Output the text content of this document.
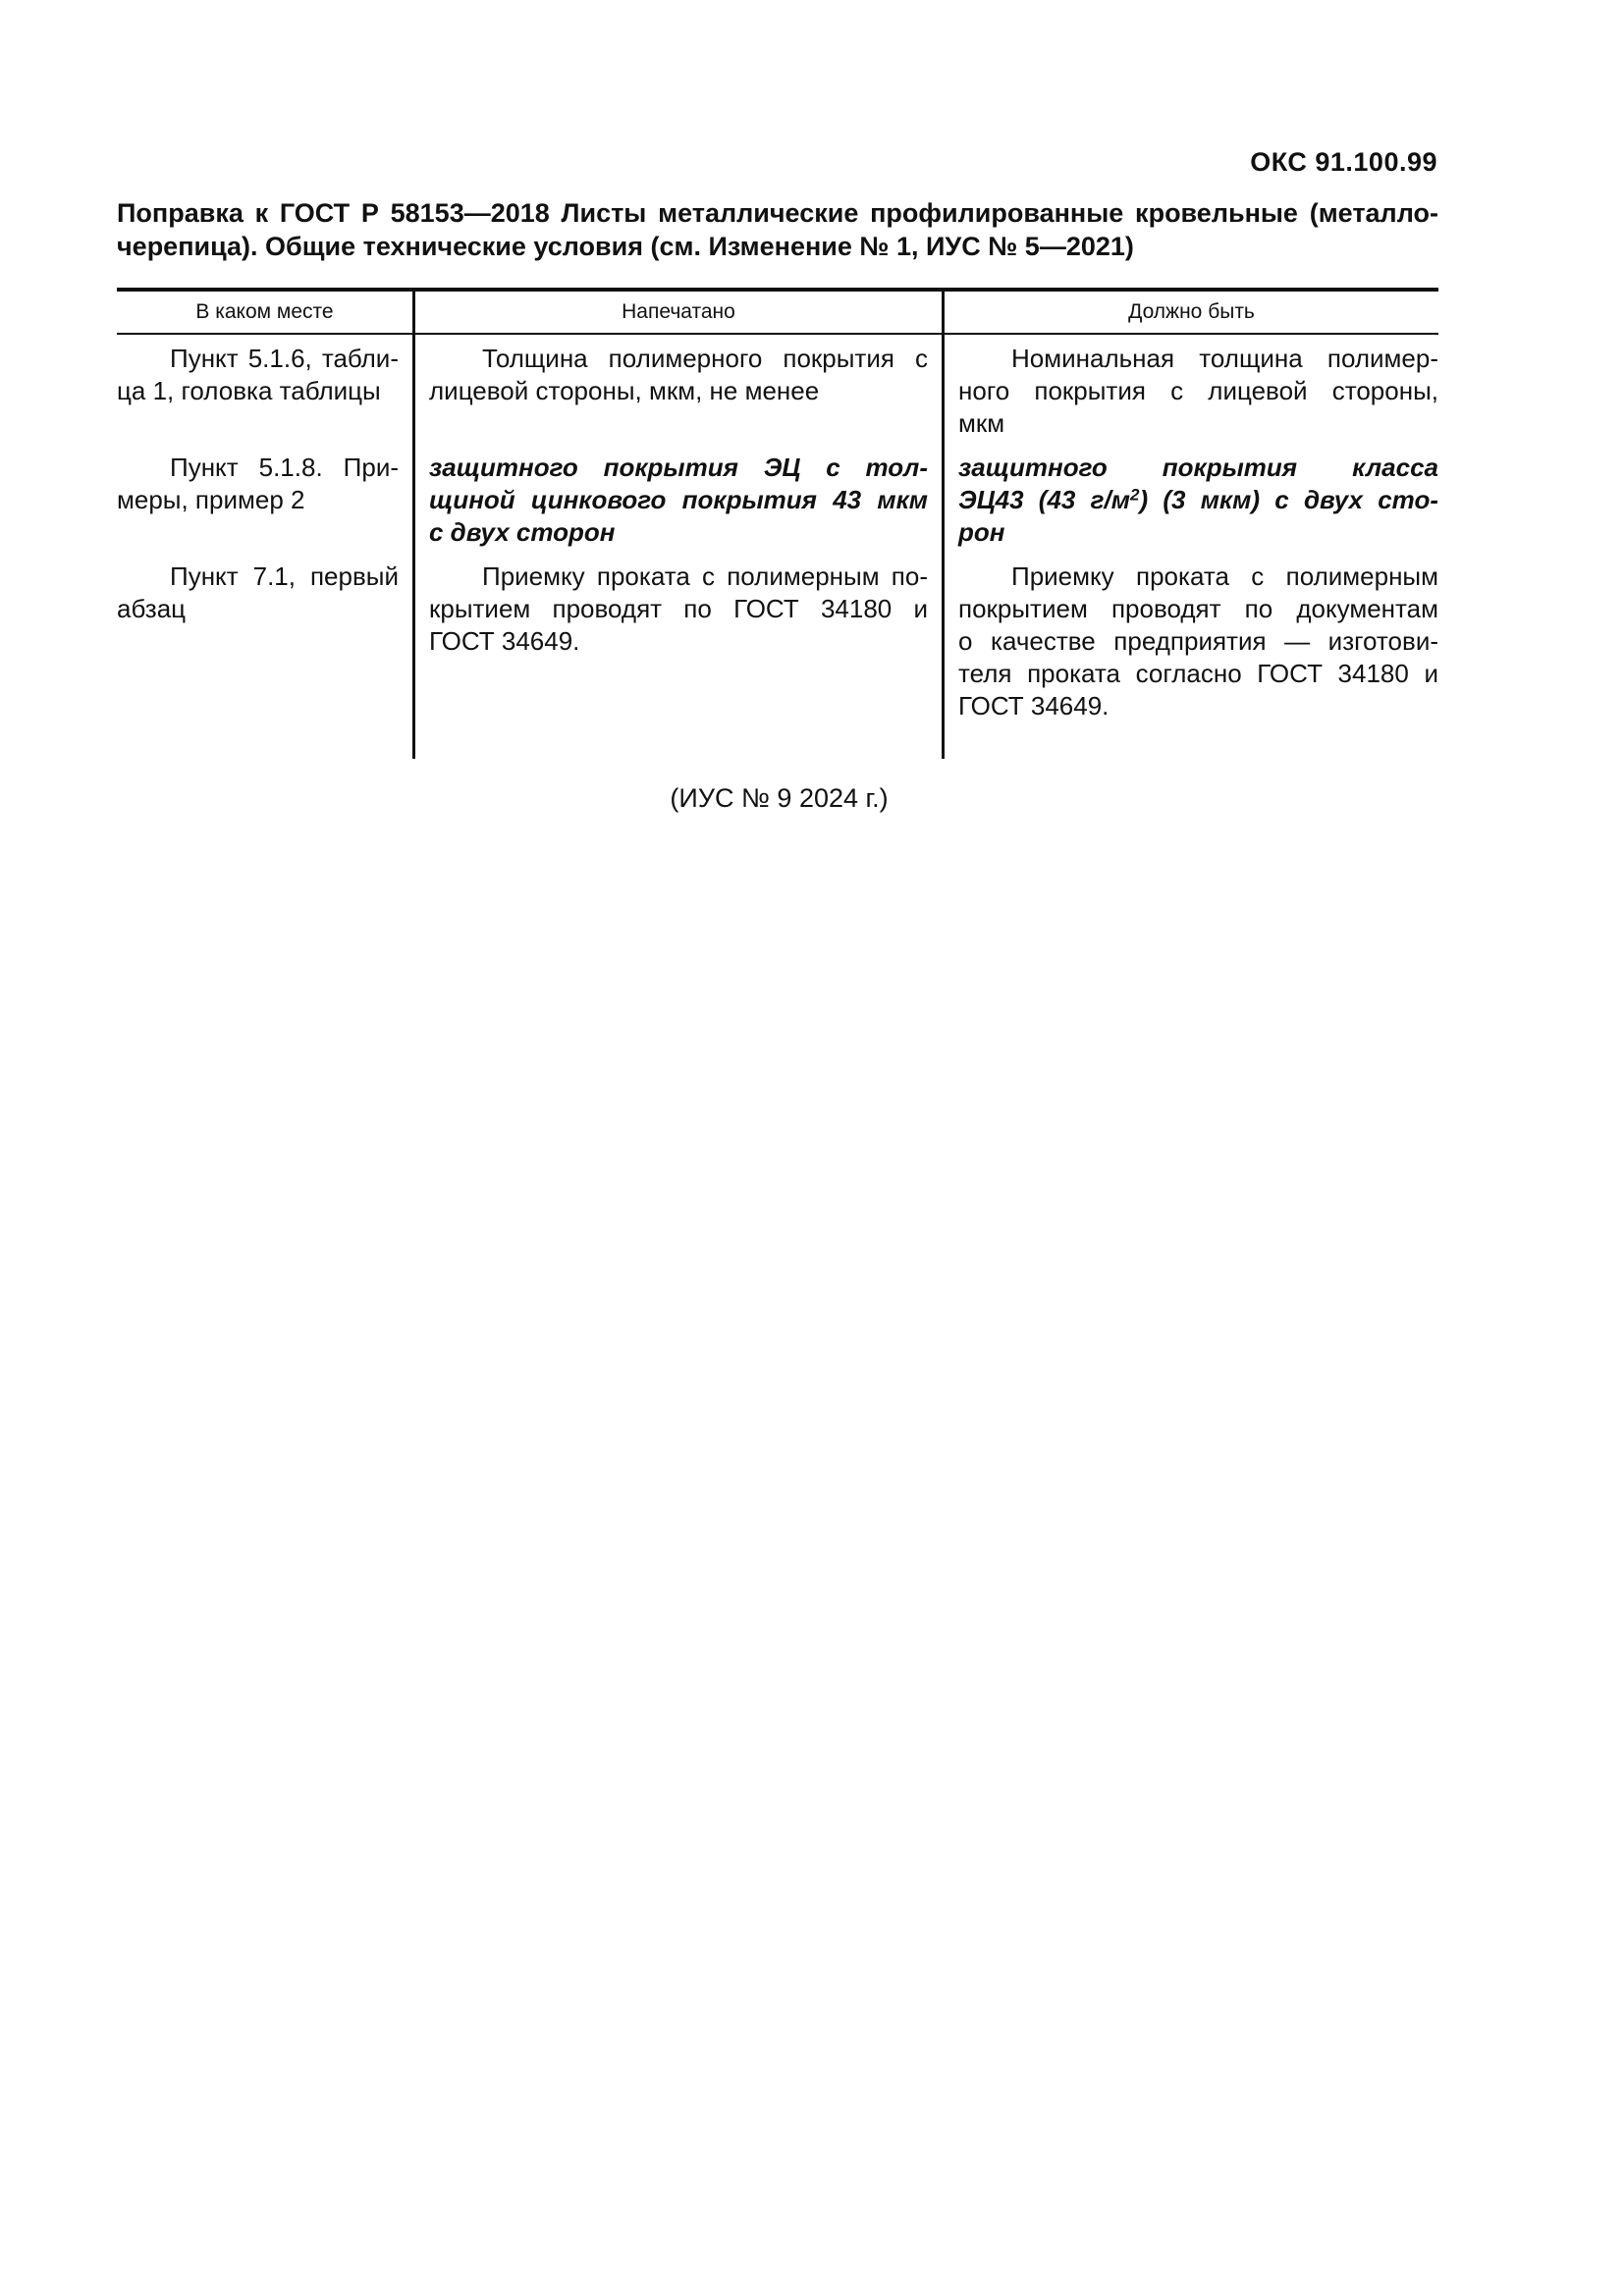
ОКС 91.100.99
Поправка к ГОСТ Р 58153—2018 Листы металлические профилированные кровельные (металло-
черепица). Общие технические условия (см. Изменение № 1, ИУС № 5—2021)
В каком месте	Напечатано	Должно быть
Пункт 5.1.6, табли-
ца 1, головка таблицы
Пункт 5.1.8. При-
меры, пример 2
Пункт 7.1, первый
абзац
Толщина полимерного покрытия с
лицевой стороны, мкм, не менее
защитного покрытия ЭЦ с тол-
щиной цинкового покрытия 43 мкм
с двух сторон
Приемку проката с полимерным по-
крытием проводят по ГОСТ 34180 и
ГОСТ 34649.
Номинальная толщина полимер-
ного покрытия с лицевой стороны,
мкм
защитного покрытия класса
ЭЦ43 (43 $г/м^2$) (3 мкм) с двух сто-
рон
Приемку проката с полимерным
покрытием проводят по документам
о качестве предприятия — изготови-
теля проката согласно ГОСТ 34180 и
ГОСТ 34649.
(ИУС № 9 2024 г.)
